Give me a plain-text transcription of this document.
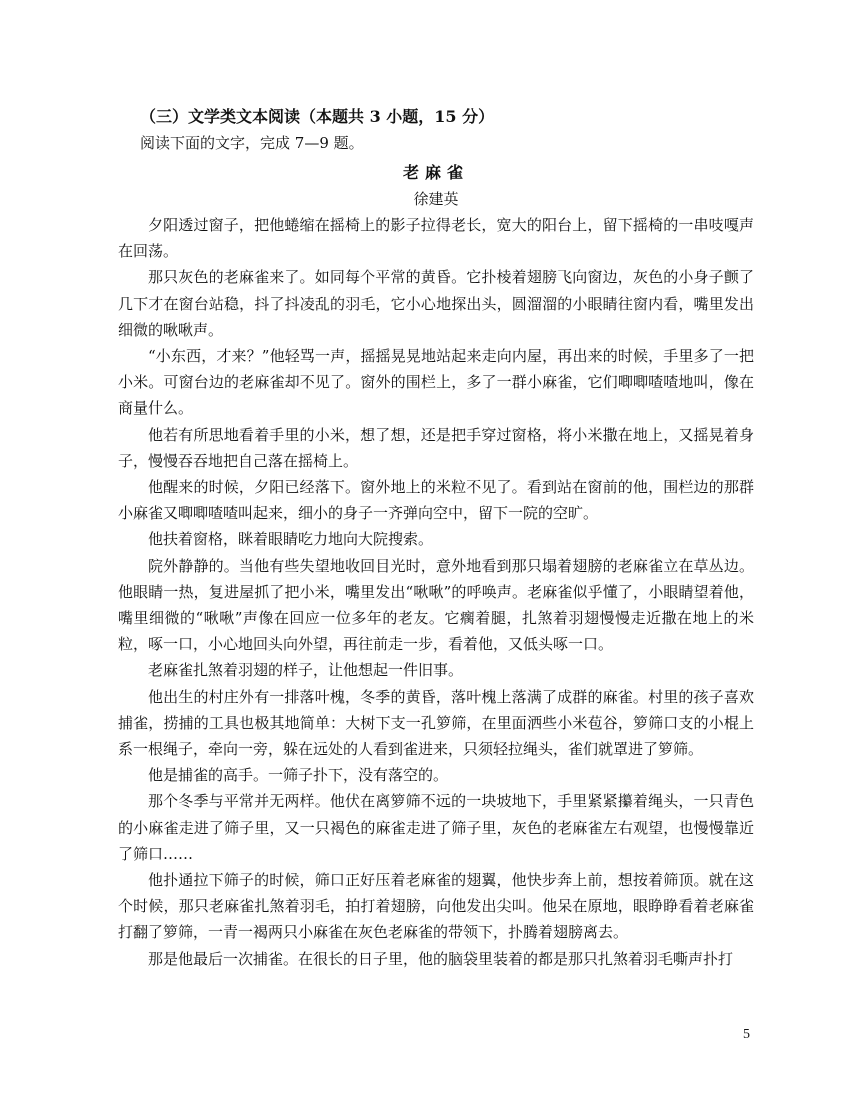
（三）文学类文本阅读（本题共 3 小题，15 分）
阅读下面的文字，完成 7—9 题。
老麻雀
徐建英

夕阳透过窗子，把他蜷缩在摇椅上的影子拉得老长，宽大的阳台上，留下摇椅的一串吱嘎声在回荡。

那只灰色的老麻雀来了。如同每个平常的黄昏。它扑棱着翅膀飞向窗边，灰色的小身子颤了几下才在窗台站稳，抖了抖凌乱的羽毛，它小心地探出头，圆溜溜的小眼睛往窗内看，嘴里发出细微的啾啾声。

“小东西，才来？”他轻骂一声，摇摇晃晃地站起来走向内屋，再出来的时候，手里多了一把小米。可窗台边的老麻雀却不见了。窗外的围栏上，多了一群小麻雀，它们唧唧喳喳地叫，像在商量什么。

他若有所思地看着手里的小米，想了想，还是把手穿过窗格，将小米撒在地上，又摇晃着身子，慢慢吞吞地把自己落在摇椅上。

他醒来的时候，夕阳已经落下。窗外地上的米粒不见了。看到站在窗前的他，围栏边的那群小麻雀又唧唧喳喳叫起来，细小的身子一齐弹向空中，留下一院的空旷。

他扶着窗格，眯着眼睛吃力地向大院搜索。

院外静静的。当他有些失望地收回目光时，意外地看到那只塌着翅膀的老麻雀立在草丛边。他眼睛一热，复进屋抓了把小米，嘴里发出“啾啾”的呼唤声。老麻雀似乎懂了，小眼睛望着他，嘴里细微的“啾啾”声像在回应一位多年的老友。它瘸着腿，扎煞着羽翅慢慢走近撒在地上的米粒，啄一口，小心地回头向外望，再往前走一步，看着他，又低头啄一口。

老麻雀扎煞着羽翅的样子，让他想起一件旧事。

他出生的村庄外有一排落叶槐，冬季的黄昏，落叶槐上落满了成群的麻雀。村里的孩子喜欢捕雀，捞捕的工具也极其地简单：大树下支一孔箩筛，在里面洒些小米苞谷，箩筛口支的小棍上系一根绳子，牵向一旁，躲在远处的人看到雀进来，只须轻拉绳头，雀们就罩进了箩筛。

他是捕雀的高手。一筛子扑下，没有落空的。

那个冬季与平常并无两样。他伏在离箩筛不远的一块坡地下，手里紧紧攥着绳头，一只青色的小麻雀走进了筛子里，又一只褐色的麻雀走进了筛子里，灰色的老麻雀左右观望，也慢慢靠近了筛口……

他扑通拉下筛子的时候，筛口正好压着老麻雀的翅翼，他快步奔上前，想按着筛顶。就在这个时候，那只老麻雀扎煞着羽毛，拍打着翅膀，向他发出尖叫。他呆在原地，眼睁睁看着老麻雀打翻了箩筛，一青一褐两只小麻雀在灰色老麻雀的带领下，扑腾着翅膀离去。

那是他最后一次捕雀。在很长的日子里，他的脑袋里装着的都是那只扎煞着羽毛嘶声扑打

5
